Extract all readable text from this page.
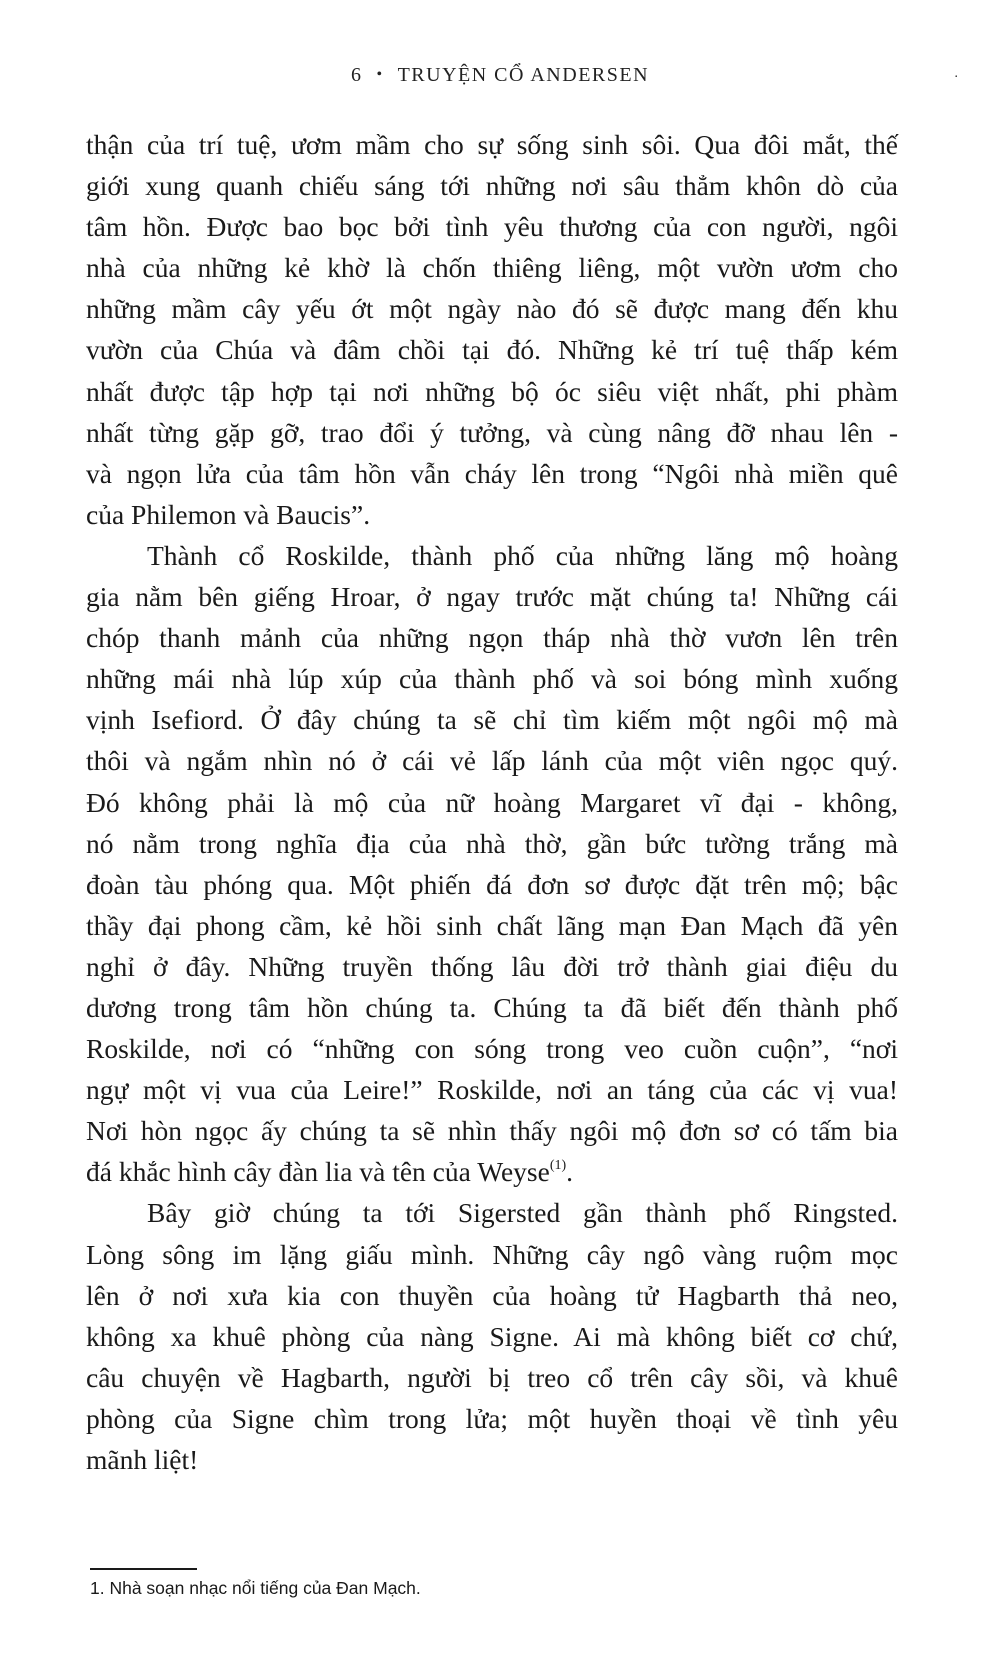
6 • TRUYỆN CỔ ANDERSEN	·

thận của trí tuệ, ươm mầm cho sự sống sinh sôi. Qua đôi mắt, thế
giới xung quanh chiếu sáng tới những nơi sâu thẳm khôn dò của
tâm hồn. Được bao bọc bởi tình yêu thương của con người, ngôi
nhà của những kẻ khờ là chốn thiêng liêng, một vườn ươm cho
những mầm cây yếu ớt một ngày nào đó sẽ được mang đến khu
vườn của Chúa và đâm chồi tại đó. Những kẻ trí tuệ thấp kém
nhất được tập hợp tại nơi những bộ óc siêu việt nhất, phi phàm
nhất từng gặp gỡ, trao đổi ý tưởng, và cùng nâng đỡ nhau lên -
và ngọn lửa của tâm hồn vẫn cháy lên trong “Ngôi nhà miền quê
của Philemon và Baucis”.

Thành cổ Roskilde, thành phố của những lăng mộ hoàng
gia nằm bên giếng Hroar, ở ngay trước mặt chúng ta! Những cái
chóp thanh mảnh của những ngọn tháp nhà thờ vươn lên trên
những mái nhà lúp xúp của thành phố và soi bóng mình xuống
vịnh Isefiord. Ở đây chúng ta sẽ chỉ tìm kiếm một ngôi mộ mà
thôi và ngắm nhìn nó ở cái vẻ lấp lánh của một viên ngọc quý.
Đó không phải là mộ của nữ hoàng Margaret vĩ đại - không,
nó nằm trong nghĩa địa của nhà thờ, gần bức tường trắng mà
đoàn tàu phóng qua. Một phiến đá đơn sơ được đặt trên mộ; bậc
thầy đại phong cầm, kẻ hồi sinh chất lãng mạn Đan Mạch đã yên
nghỉ ở đây. Những truyền thống lâu đời trở thành giai điệu du
dương trong tâm hồn chúng ta. Chúng ta đã biết đến thành phố
Roskilde, nơi có “những con sóng trong veo cuồn cuộn”, “nơi
ngự một vị vua của Leire!” Roskilde, nơi an táng của các vị vua!
Nơi hòn ngọc ấy chúng ta sẽ nhìn thấy ngôi mộ đơn sơ có tấm bia
đá khắc hình cây đàn lia và tên của Weyse$^{(1)}$.

Bây giờ chúng ta tới Sigersted gần thành phố Ringsted.
Lòng sông im lặng giấu mình. Những cây ngô vàng ruộm mọc
lên ở nơi xưa kia con thuyền của hoàng tử Hagbarth thả neo,
không xa khuê phòng của nàng Signe. Ai mà không biết cơ chứ,
câu chuyện về Hagbarth, người bị treo cổ trên cây sồi, và khuê
phòng của Signe chìm trong lửa; một huyền thoại về tình yêu
mãnh liệt!

1. Nhà soạn nhạc nổi tiếng của Đan Mạch.
